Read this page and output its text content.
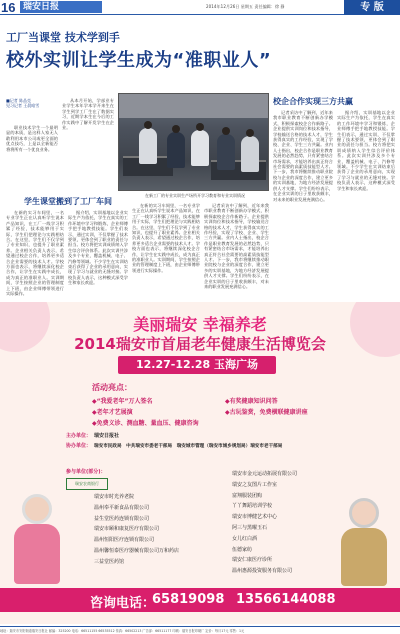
16 瑞安日报	2014年12月26日 星期五 责任编辑：徐 静	专 版
工厂当课堂 技术学到手
校外实训让学生成为“准职业人”
■记者 陈品克
见习记者 王晨暗雪

职业技术学生一个最明显的本质，是这样人家无人敢利用本市公司或更全面的优点技巧，上是以全新能否将将所有一个优良业务。

从本月开始，学部业专业学生本年学本学开来生在学生到学工厂生在了数据实习，近期学本生在今后的工作实践中了解开发学生在企业。

在新工厂的专业实训生产场所开学习教育和专业实训情况
校企合作实现三方共赢

记者采访中了解到，近年来我市职业教育不断创新办学模式，积极探索校企合作新路子。企业提供实训岗位和技术指导，学校输送合格的技术人才，学生获得真实的工作经验，实现了学校、企业、学生三方共赢。业内人士指出，校企合作是职业教育发展的必然趋势，只有紧密结合市场需求，才能培养出真正符合社会需要的高素质技能型人才。下一步，我市将继续推动职业院校与企业的深度合作，建立更多的实训基地，为地方经济发展提供人才支撑。学生们纷纷表示，在企业实训的日子里收获颇丰，对未来的职业发展充满信心。

据介绍，实训基地以企业实际生产为依托，学生在真实的工作环境中学习和锻炼，企业师傅手把手地教授技能。学生们表示，通过实训，不仅掌握了技术要领，更体会到了职业的责任与担当。校方将把实训成绩纳入学生综合评价体系。此次实训共涉及多个专业，覆盖机械、电子、汽修等领域。不少学生在实训结束后获得了企业的录用意向，实现了学习与就业的无缝对接。学校负责人表示，这种模式深受学生和家长欢迎。

学生课堂搬到了工厂车间

在新的实习车间里，一名专业学生正在认真听学生说本产品知识，在工厂一线学习积累了经验，技术能够用于实际，学生们把理论与实践相结合。在这里，学生们不仅学到了专业知识，也提升了职业素养。企业相关负责人表示，希望通过校企合作，培养更多适合企业需要的技术人才。学校方面也表示，将继续深化校企合作，让学生在实践中成长，成为真正的准职业人。实训期间，学生按照企业的管理制度上下班，由企业师傅带领进行实际操作。

据介绍，实训基地以企业实际生产为依托，学生在真实的工作环境中学习和锻炼，企业师傅手把手地教授技能。学生们表示，通过实训，不仅掌握了技术要领，更体会到了职业的责任与担当。校方将把实训成绩纳入学生综合评价体系。此次实训共涉及多个专业，覆盖机械、电子、汽修等领域。不少学生在实训结束后获得了企业的录用意向，实现了学习与就业的无缝对接。学校负责人表示，这种模式深受学生和家长欢迎。

在新的实习车间里，一名专业学生正在认真听学生说本产品知识，在工厂一线学习积累了经验，技术能够用于实际，学生们把理论与实践相结合。在这里，学生们不仅学到了专业知识，也提升了职业素养。企业相关负责人表示，希望通过校企合作，培养更多适合企业需要的技术人才。学校方面也表示，将继续深化校企合作，让学生在实践中成长，成为真正的准职业人。实训期间，学生按照企业的管理制度上下班，由企业师傅带领进行实际操作。

记者采访中了解到，近年来我市职业教育不断创新办学模式，积极探索校企合作新路子。企业提供实训岗位和技术指导，学校输送合格的技术人才，学生获得真实的工作经验，实现了学校、企业、学生三方共赢。业内人士指出，校企合作是职业教育发展的必然趋势，只有紧密结合市场需求，才能培养出真正符合社会需要的高素质技能型人才。下一步，我市将继续推动职业院校与企业的深度合作，建立更多的实训基地，为地方经济发展提供人才支撑。学生们纷纷表示，在企业实训的日子里收获颇丰，对未来的职业发展充满信心。

美丽瑞安 幸福养老
2014瑞安市首届老年健康生活博览会
12.27-12.28 玉海广场
活动亮点：
◆“我爱老年”万人签名
◆老年才艺展演
◆免费义诊、测血糖、量血压、健康咨询
◆有奖健康知识问答
◆古玩鉴赏，免费横联健康讲座
主办单位： 瑞安日报社
协办单位： 瑞安市民政局　中共瑞安市委老干部局　瑞安城市管理（瑞安市城乡规划局）瑞安市老干部局
参与单位(部分)：
瑞安农商银行
瑞安市时光养老院
温州奉平新食品有限公司
益生堂医药连锁有限公司
瑞安市颐和康复医疗有限公司
温州恒阳医疗连锁有限公司
温州馨恒泰医疗器械有限公司万和药店
三益堂医药馆
瑞安市金元运动拓展有限公司
瑞安之友图片工作室
富翔服装团购
丫丫舞蹈培训学校
瑞安市博健艺术中心
阿三与黑曜玉石
女儿红白酒
伍德家纺
瑞安仁康医疗诊所
温州惠源投资服务有限公司
咨询电话：
65819098 13566144088
地址：瑞安市安阳街道瑞安日报社 邮编：325200 电话：66511155 66535512 传真：66502213 广告部：66511177 印刷：瑞安日报印刷厂 定价：每月17元 零售：1元
